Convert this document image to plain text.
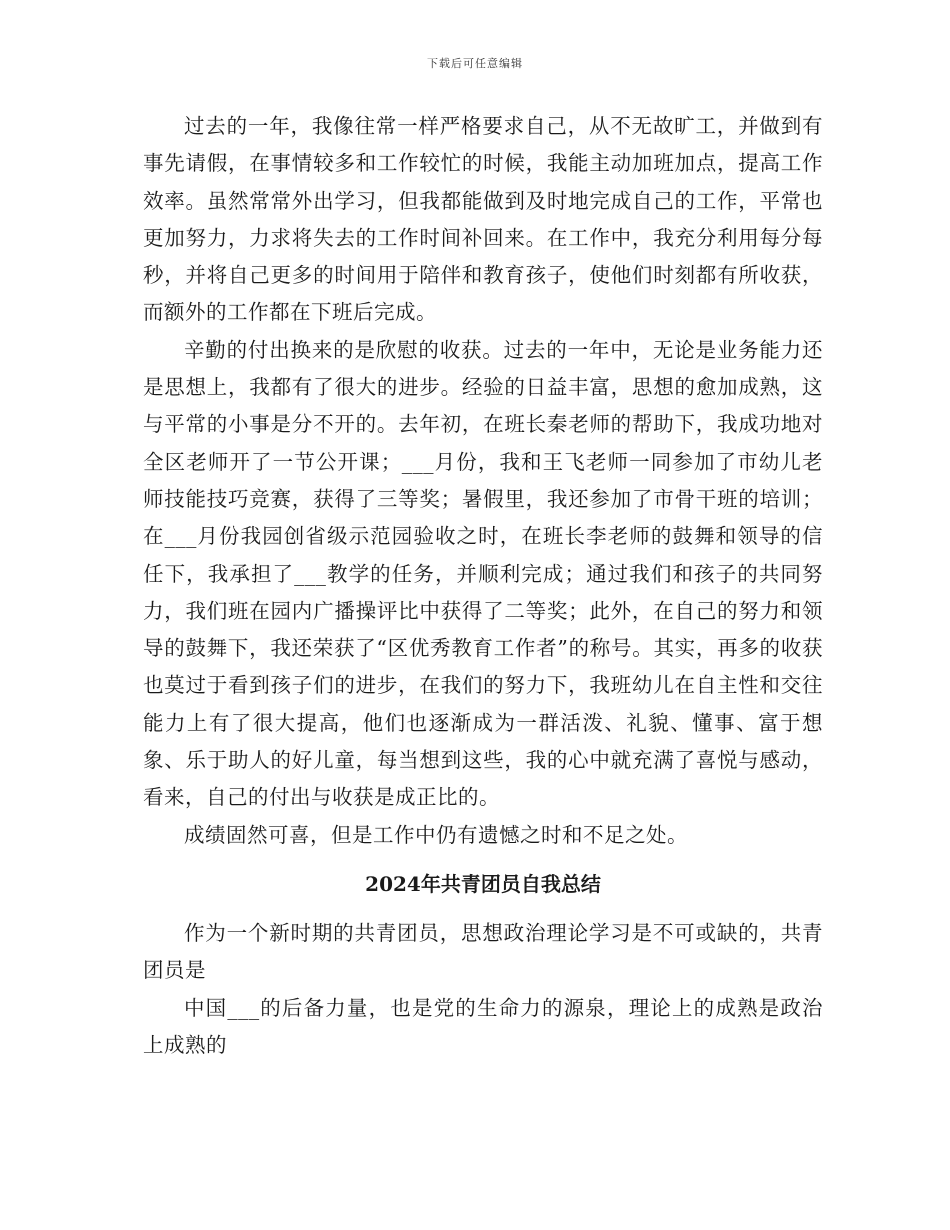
下载后可任意编辑

过去的一年，我像往常一样严格要求自己，从不无故旷工，并做到有事先请假，在事情较多和工作较忙的时候，我能主动加班加点，提高工作效率。虽然常常外出学习，但我都能做到及时地完成自己的工作，平常也更加努力，力求将失去的工作时间补回来。在工作中，我充分利用每分每秒，并将自己更多的时间用于陪伴和教育孩子，使他们时刻都有所收获，而额外的工作都在下班后完成。

辛勤的付出换来的是欣慰的收获。过去的一年中，无论是业务能力还是思想上，我都有了很大的进步。经验的日益丰富，思想的愈加成熟，这与平常的小事是分不开的。去年初，在班长秦老师的帮助下，我成功地对全区老师开了一节公开课；___月份，我和王飞老师一同参加了市幼儿老师技能技巧竞赛，获得了三等奖；暑假里，我还参加了市骨干班的培训；在___月份我园创省级示范园验收之时，在班长李老师的鼓舞和领导的信任下，我承担了___教学的任务，并顺利完成；通过我们和孩子的共同努力，我们班在园内广播操评比中获得了二等奖；此外，在自己的努力和领导的鼓舞下，我还荣获了“区优秀教育工作者”的称号。其实，再多的收获也莫过于看到孩子们的进步，在我们的努力下，我班幼儿在自主性和交往能力上有了很大提高，他们也逐渐成为一群活泼、礼貌、懂事、富于想象、乐于助人的好儿童，每当想到这些，我的心中就充满了喜悦与感动，看来，自己的付出与收获是成正比的。

成绩固然可喜，但是工作中仍有遗憾之时和不足之处。

2024年共青团员自我总结

作为一个新时期的共青团员，思想政治理论学习是不可或缺的，共青团员是

中国___的后备力量，也是党的生命力的源泉，理论上的成熟是政治上成熟的
